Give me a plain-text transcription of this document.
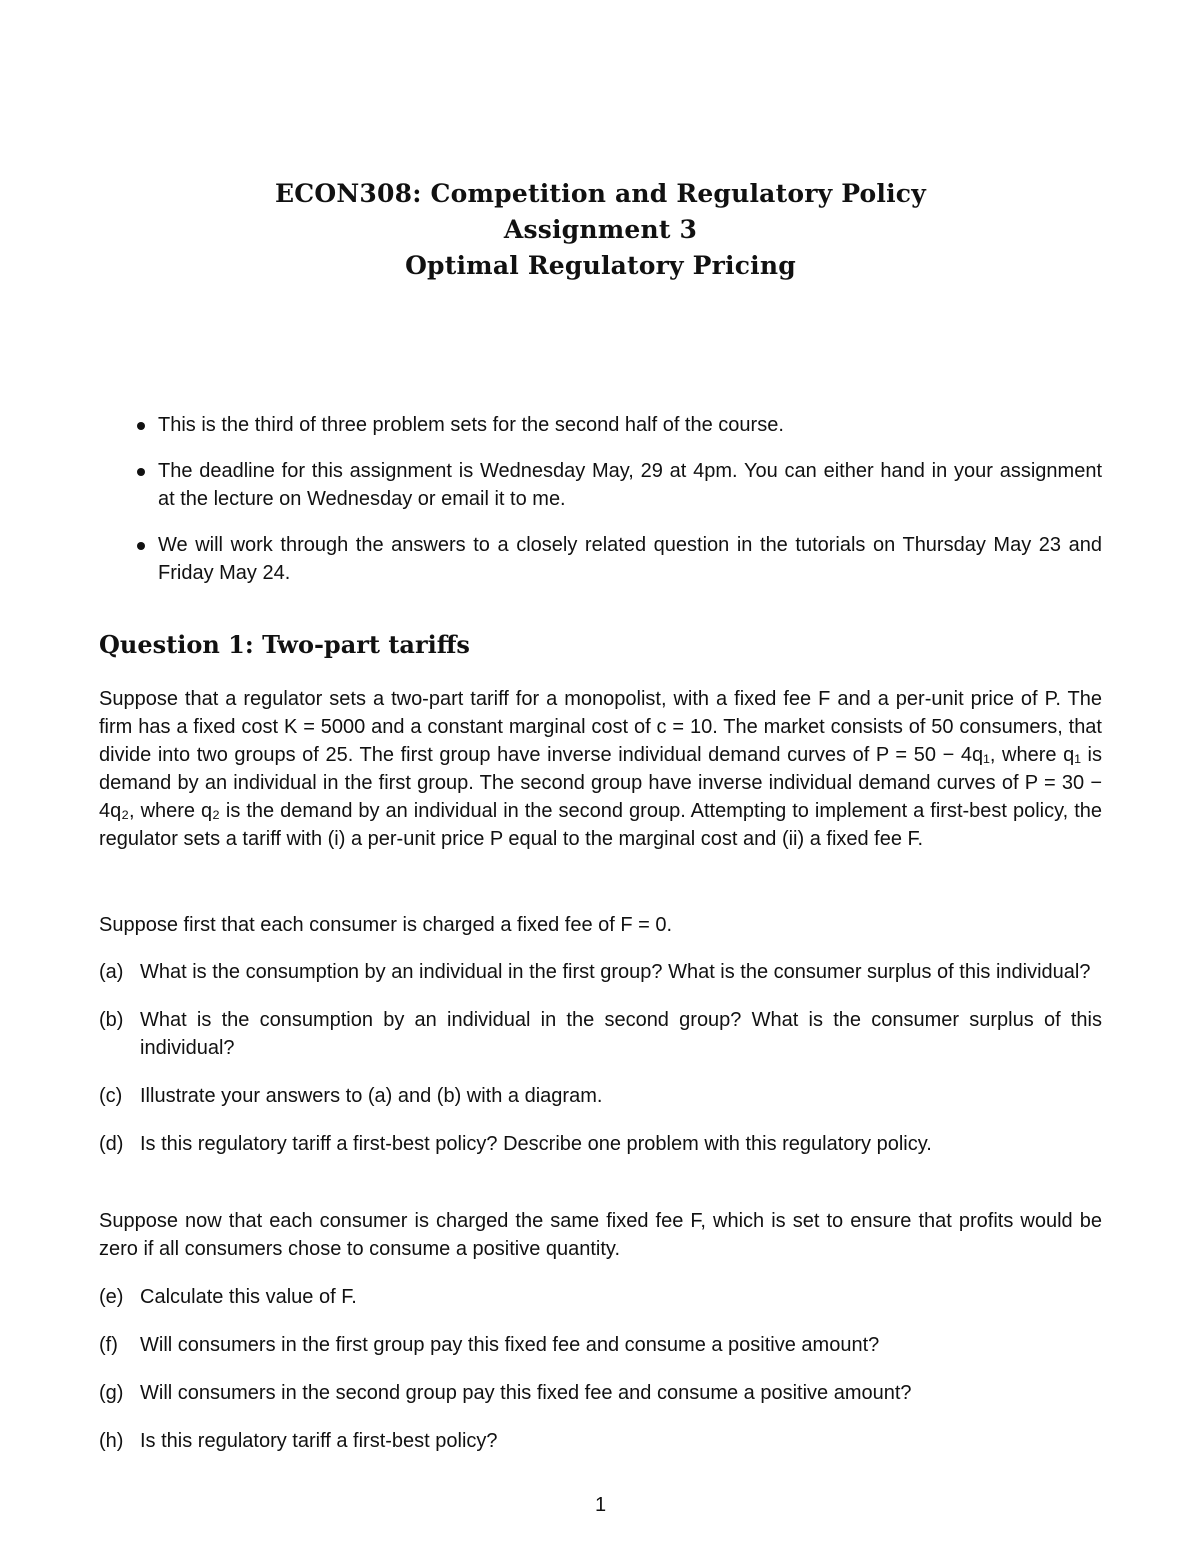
ECON308: Competition and Regulatory Policy
Assignment 3
Optimal Regulatory Pricing
This is the third of three problem sets for the second half of the course.
The deadline for this assignment is Wednesday May, 29 at 4pm. You can either hand in your assignment at the lecture on Wednesday or email it to me.
We will work through the answers to a closely related question in the tutorials on Thursday May 23 and Friday May 24.
Question 1: Two-part tariffs

Suppose that a regulator sets a two-part tariff for a monopolist, with a fixed fee F and a per-unit price of P. The firm has a fixed cost K = 5000 and a constant marginal cost of c = 10. The market consists of 50 consumers, that divide into two groups of 25. The first group have inverse individual demand curves of P = 50 − 4q₁, where q₁ is demand by an individual in the first group. The second group have inverse individual demand curves of P = 30 − 4q₂, where q₂ is the demand by an individual in the second group. Attempting to implement a first-best policy, the regulator sets a tariff with (i) a per-unit price P equal to the marginal cost and (ii) a fixed fee F.

Suppose first that each consumer is charged a fixed fee of F = 0.

(a) What is the consumption by an individual in the first group? What is the consumer surplus of this individual?
(b) What is the consumption by an individual in the second group? What is the consumer surplus of this individual?
(c) Illustrate your answers to (a) and (b) with a diagram.
(d) Is this regulatory tariff a first-best policy? Describe one problem with this regulatory policy.

Suppose now that each consumer is charged the same fixed fee F, which is set to ensure that profits would be zero if all consumers chose to consume a positive quantity.

(e) Calculate this value of F.
(f) Will consumers in the first group pay this fixed fee and consume a positive amount?
(g) Will consumers in the second group pay this fixed fee and consume a positive amount?
(h) Is this regulatory tariff a first-best policy?
1
